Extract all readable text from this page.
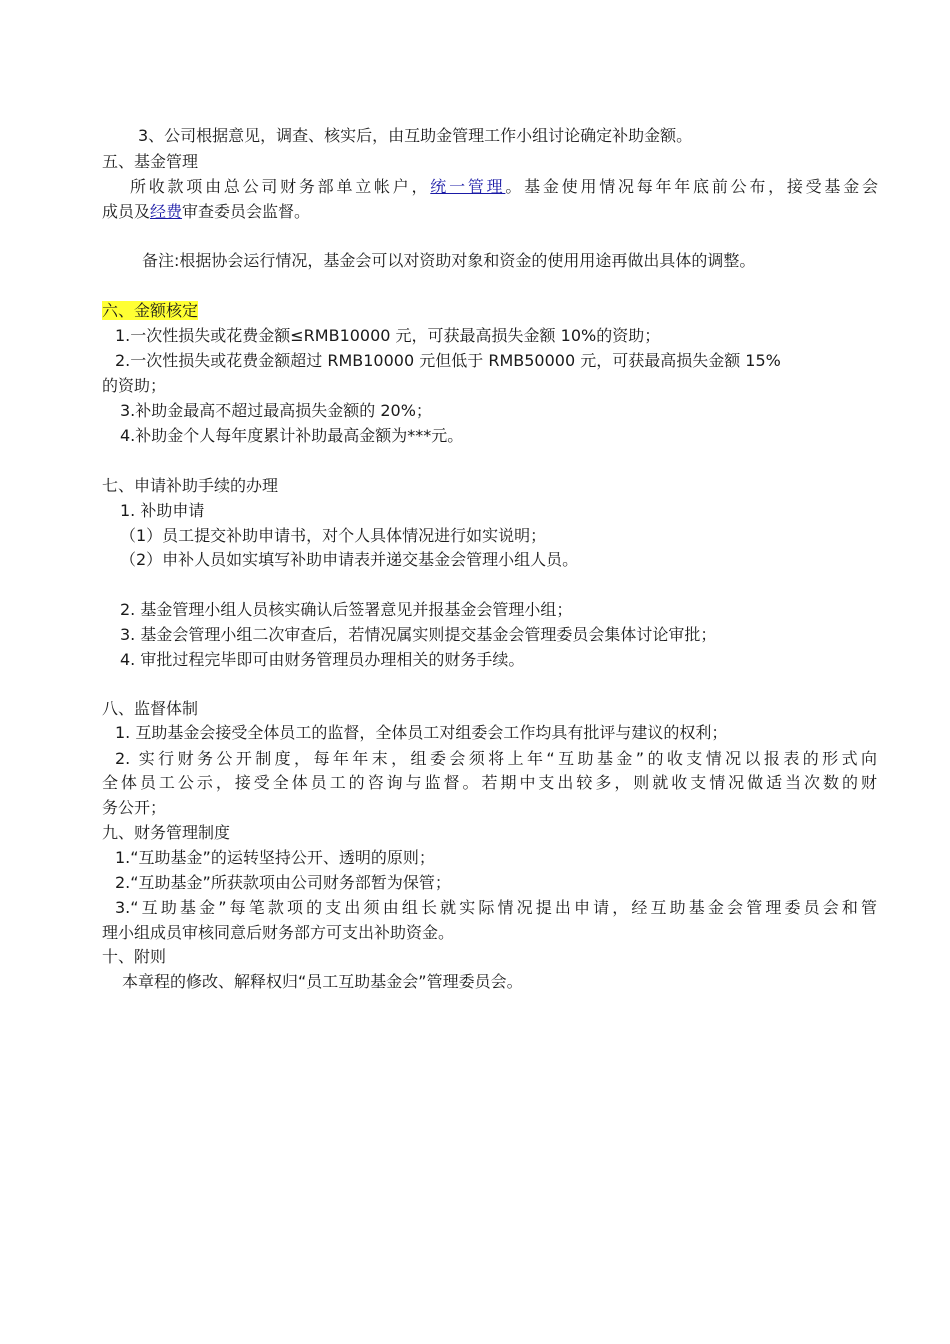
3、公司根据意见，调查、核实后，由互助金管理工作小组讨论确定补助金额。
五、基金管理
所收款项由总公司财务部单立帐户，统一管理。基金使用情况每年年底前公布，接受基金会
成员及经费审查委员会监督。
备注:根据协会运行情况，基金会可以对资助对象和资金的使用用途再做出具体的调整。
六、金额核定
1.一次性损失或花费金额≤RMB10000 元，可获最高损失金额 10%的资助；
2.一次性损失或花费金额超过 RMB10000 元但低于 RMB50000 元，可获最高损失金额 15%
的资助；
3.补助金最高不超过最高损失金额的 20%；
4.补助金个人每年度累计补助最高金额为***元。
七、申请补助手续的办理
1. 补助申请
（1）员工提交补助申请书，对个人具体情况进行如实说明；
（2）申补人员如实填写补助申请表并递交基金会管理小组人员。
2. 基金管理小组人员核实确认后签署意见并报基金会管理小组；
3. 基金会管理小组二次审查后，若情况属实则提交基金会管理委员会集体讨论审批；
4. 审批过程完毕即可由财务管理员办理相关的财务手续。
八、监督体制
1. 互助基金会接受全体员工的监督，全体员工对组委会工作均具有批评与建议的权利；
2. 实行财务公开制度，每年年末，组委会须将上年“互助基金”的收支情况以报表的形式向
全体员工公示，接受全体员工的咨询与监督。若期中支出较多，则就收支情况做适当次数的财
务公开；
九、财务管理制度
1.“互助基金”的运转坚持公开、透明的原则；
2.“互助基金”所获款项由公司财务部暂为保管；
3.“互助基金”每笔款项的支出须由组长就实际情况提出申请，经互助基金会管理委员会和管
理小组成员审核同意后财务部方可支出补助资金。
十、附则
本章程的修改、解释权归“员工互助基金会”管理委员会。
